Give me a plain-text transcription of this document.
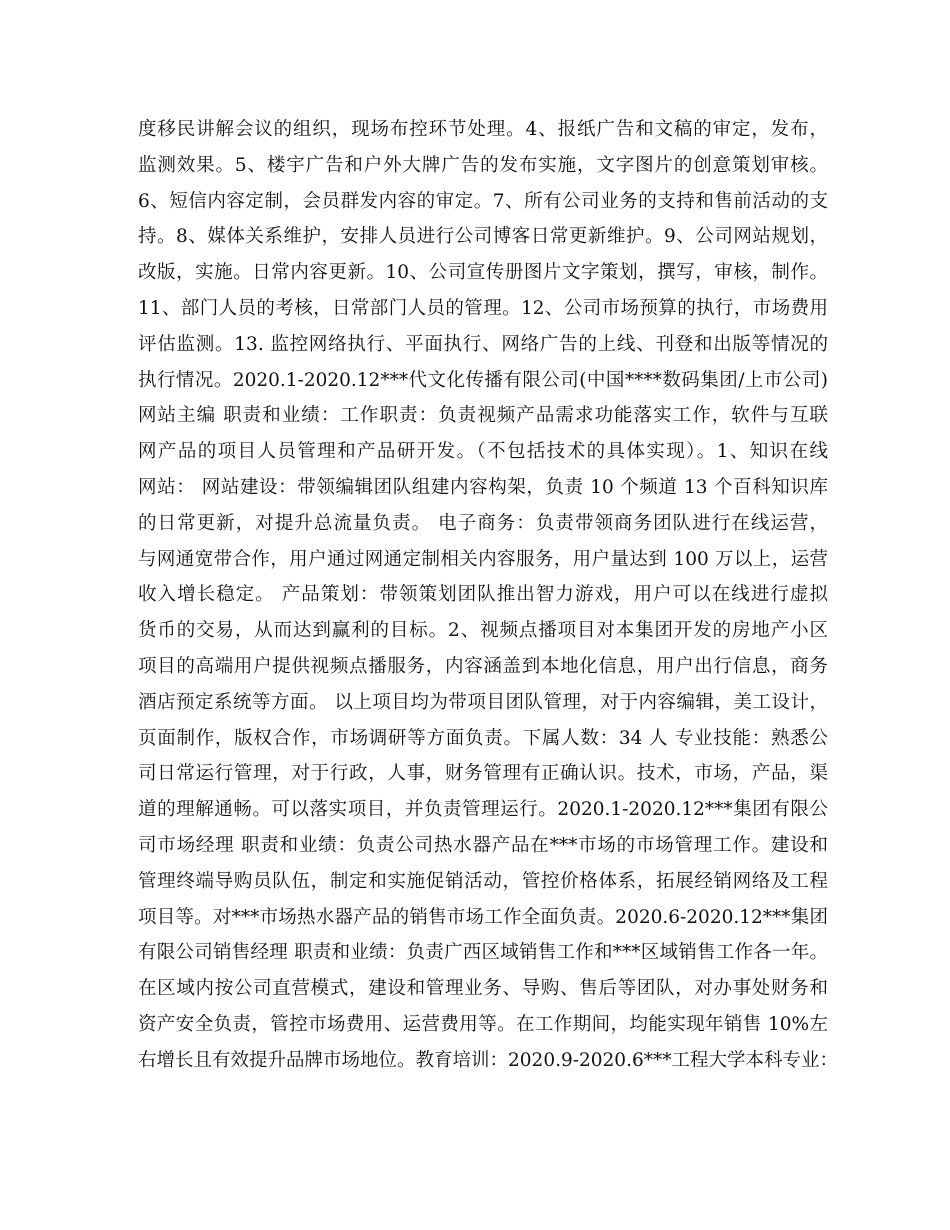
度移民讲解会议的组织，现场布控环节处理。4、报纸广告和文稿的审定，发布，
监测效果。5、楼宇广告和户外大牌广告的发布实施，文字图片的创意策划审核。
6、短信内容定制，会员群发内容的审定。7、所有公司业务的支持和售前活动的支
持。8、媒体关系维护，安排人员进行公司博客日常更新维护。9、公司网站规划，
改版，实施。日常内容更新。10、公司宣传册图片文字策划，撰写，审核，制作。
11、部门人员的考核，日常部门人员的管理。12、公司市场预算的执行，市场费用
评估监测。13. 监控网络执行、平面执行、网络广告的上线、刊登和出版等情况的
执行情况。2020.1-2020.12***代文化传播有限公司(中国****数码集团/上市公司)
网站主编 职责和业绩：工作职责：负责视频产品需求功能落实工作，软件与互联
网产品的项目人员管理和产品研开发。（不包括技术的具体实现）。1、知识在线
网站： 网站建设：带领编辑团队组建内容构架，负责 10 个频道 13 个百科知识库
的日常更新，对提升总流量负责。 电子商务：负责带领商务团队进行在线运营，
与网通宽带合作，用户通过网通定制相关内容服务，用户量达到 100 万以上，运营
收入增长稳定。 产品策划：带领策划团队推出智力游戏，用户可以在线进行虚拟
货币的交易，从而达到赢利的目标。2、视频点播项目对本集团开发的房地产小区
项目的高端用户提供视频点播服务，内容涵盖到本地化信息，用户出行信息，商务
酒店预定系统等方面。 以上项目均为带项目团队管理，对于内容编辑，美工设计，
页面制作，版权合作，市场调研等方面负责。下属人数：34 人 专业技能：熟悉公
司日常运行管理，对于行政，人事，财务管理有正确认识。技术，市场，产品，渠
道的理解通畅。可以落实项目，并负责管理运行。2020.1-2020.12***集团有限公
司市场经理 职责和业绩：负责公司热水器产品在***市场的市场管理工作。建设和
管理终端导购员队伍，制定和实施促销活动，管控价格体系，拓展经销网络及工程
项目等。对***市场热水器产品的销售市场工作全面负责。2020.6-2020.12***集团
有限公司销售经理 职责和业绩：负责广西区域销售工作和***区域销售工作各一年。
在区域内按公司直营模式，建设和管理业务、导购、售后等团队，对办事处财务和
资产安全负责，管控市场费用、运营费用等。在工作期间，均能实现年销售 10%左
右增长且有效提升品牌市场地位。教育培训：2020.9-2020.6***工程大学本科专业：
